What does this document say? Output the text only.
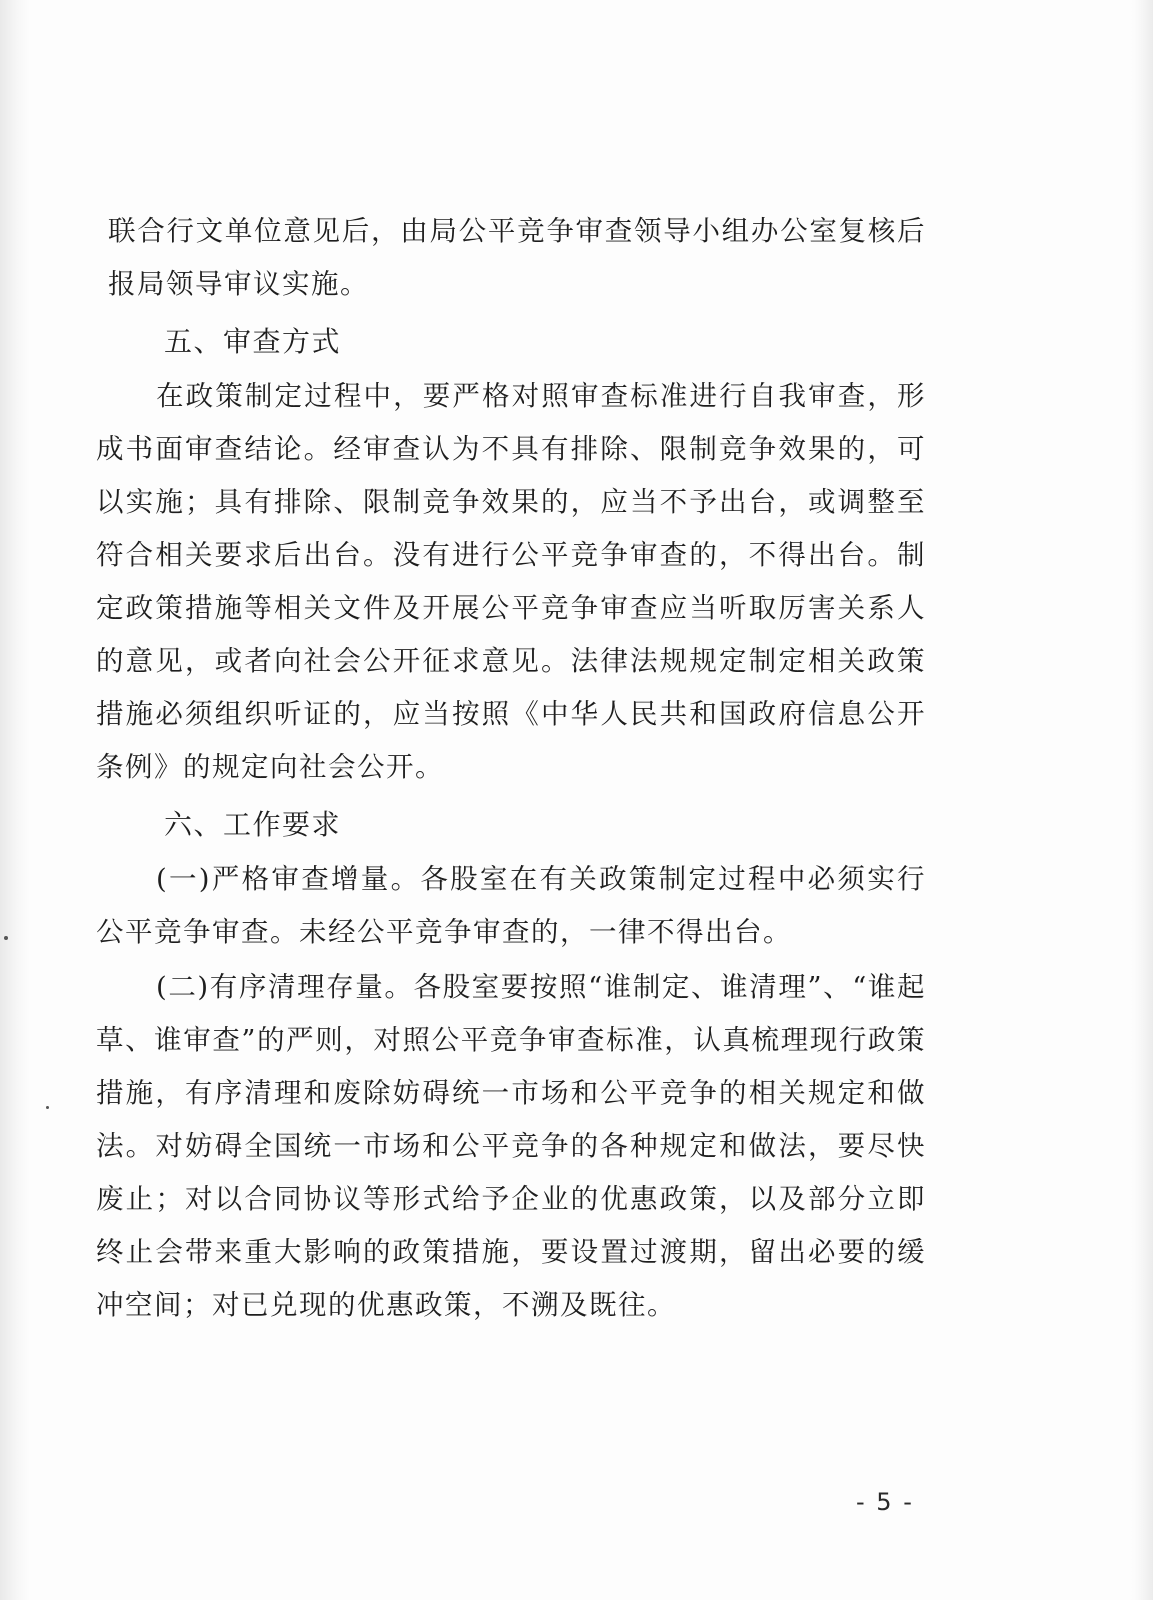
联合行文单位意见后，由局公平竞争审查领导小组办公室复核后报局领导审议实施。

五、审查方式

在政策制定过程中，要严格对照审查标准进行自我审查，形成书面审查结论。经审查认为不具有排除、限制竞争效果的，可以实施；具有排除、限制竞争效果的，应当不予出台，或调整至符合相关要求后出台。没有进行公平竞争审查的，不得出台。制定政策措施等相关文件及开展公平竞争审查应当听取厉害关系人的意见，或者向社会公开征求意见。法律法规规定制定相关政策措施必须组织听证的，应当按照《中华人民共和国政府信息公开条例》的规定向社会公开。

六、工作要求

(一)严格审查增量。各股室在有关政策制定过程中必须实行公平竞争审查。未经公平竞争审查的，一律不得出台。

(二)有序清理存量。各股室要按照“谁制定、谁清理”、“谁起草、谁审查”的严则，对照公平竞争审查标准，认真梳理现行政策措施，有序清理和废除妨碍统一市场和公平竞争的相关规定和做法。对妨碍全国统一市场和公平竞争的各种规定和做法，要尽快废止；对以合同协议等形式给予企业的优惠政策，以及部分立即终止会带来重大影响的政策措施，要设置过渡期，留出必要的缓冲空间；对已兑现的优惠政策，不溯及既往。

- 5 -
